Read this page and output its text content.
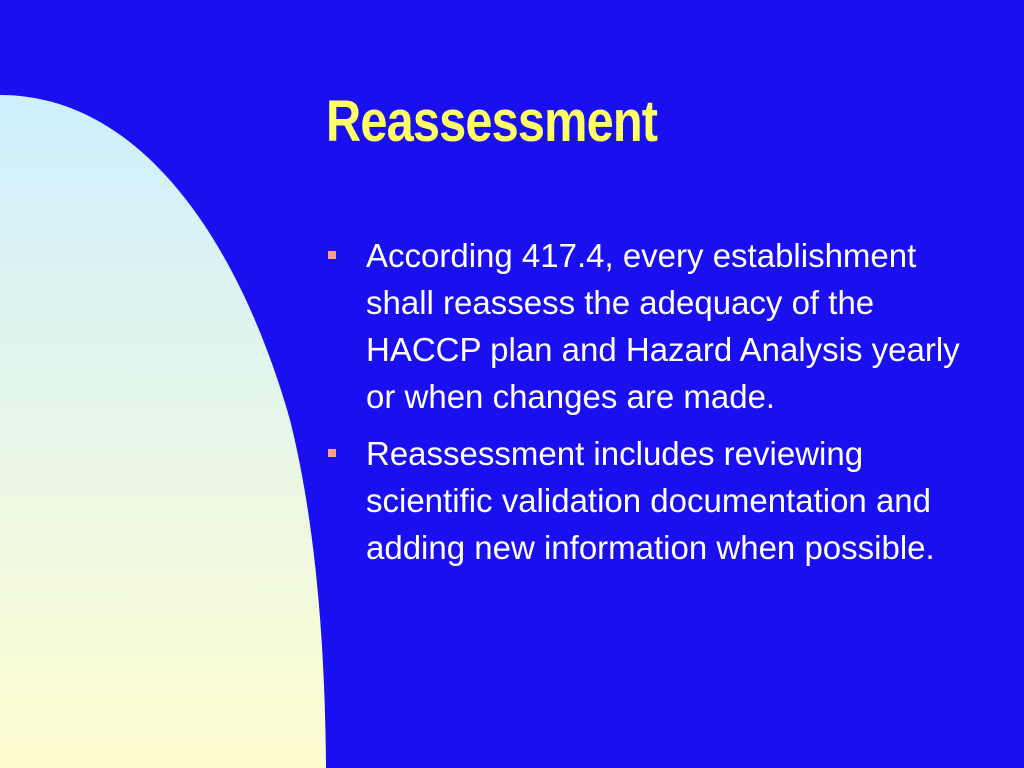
Reassessment
According 417.4, every establishment shall reassess the adequacy of the HACCP plan and Hazard Analysis yearly or when changes are made.
Reassessment includes reviewing scientific validation documentation and adding new information when possible.
